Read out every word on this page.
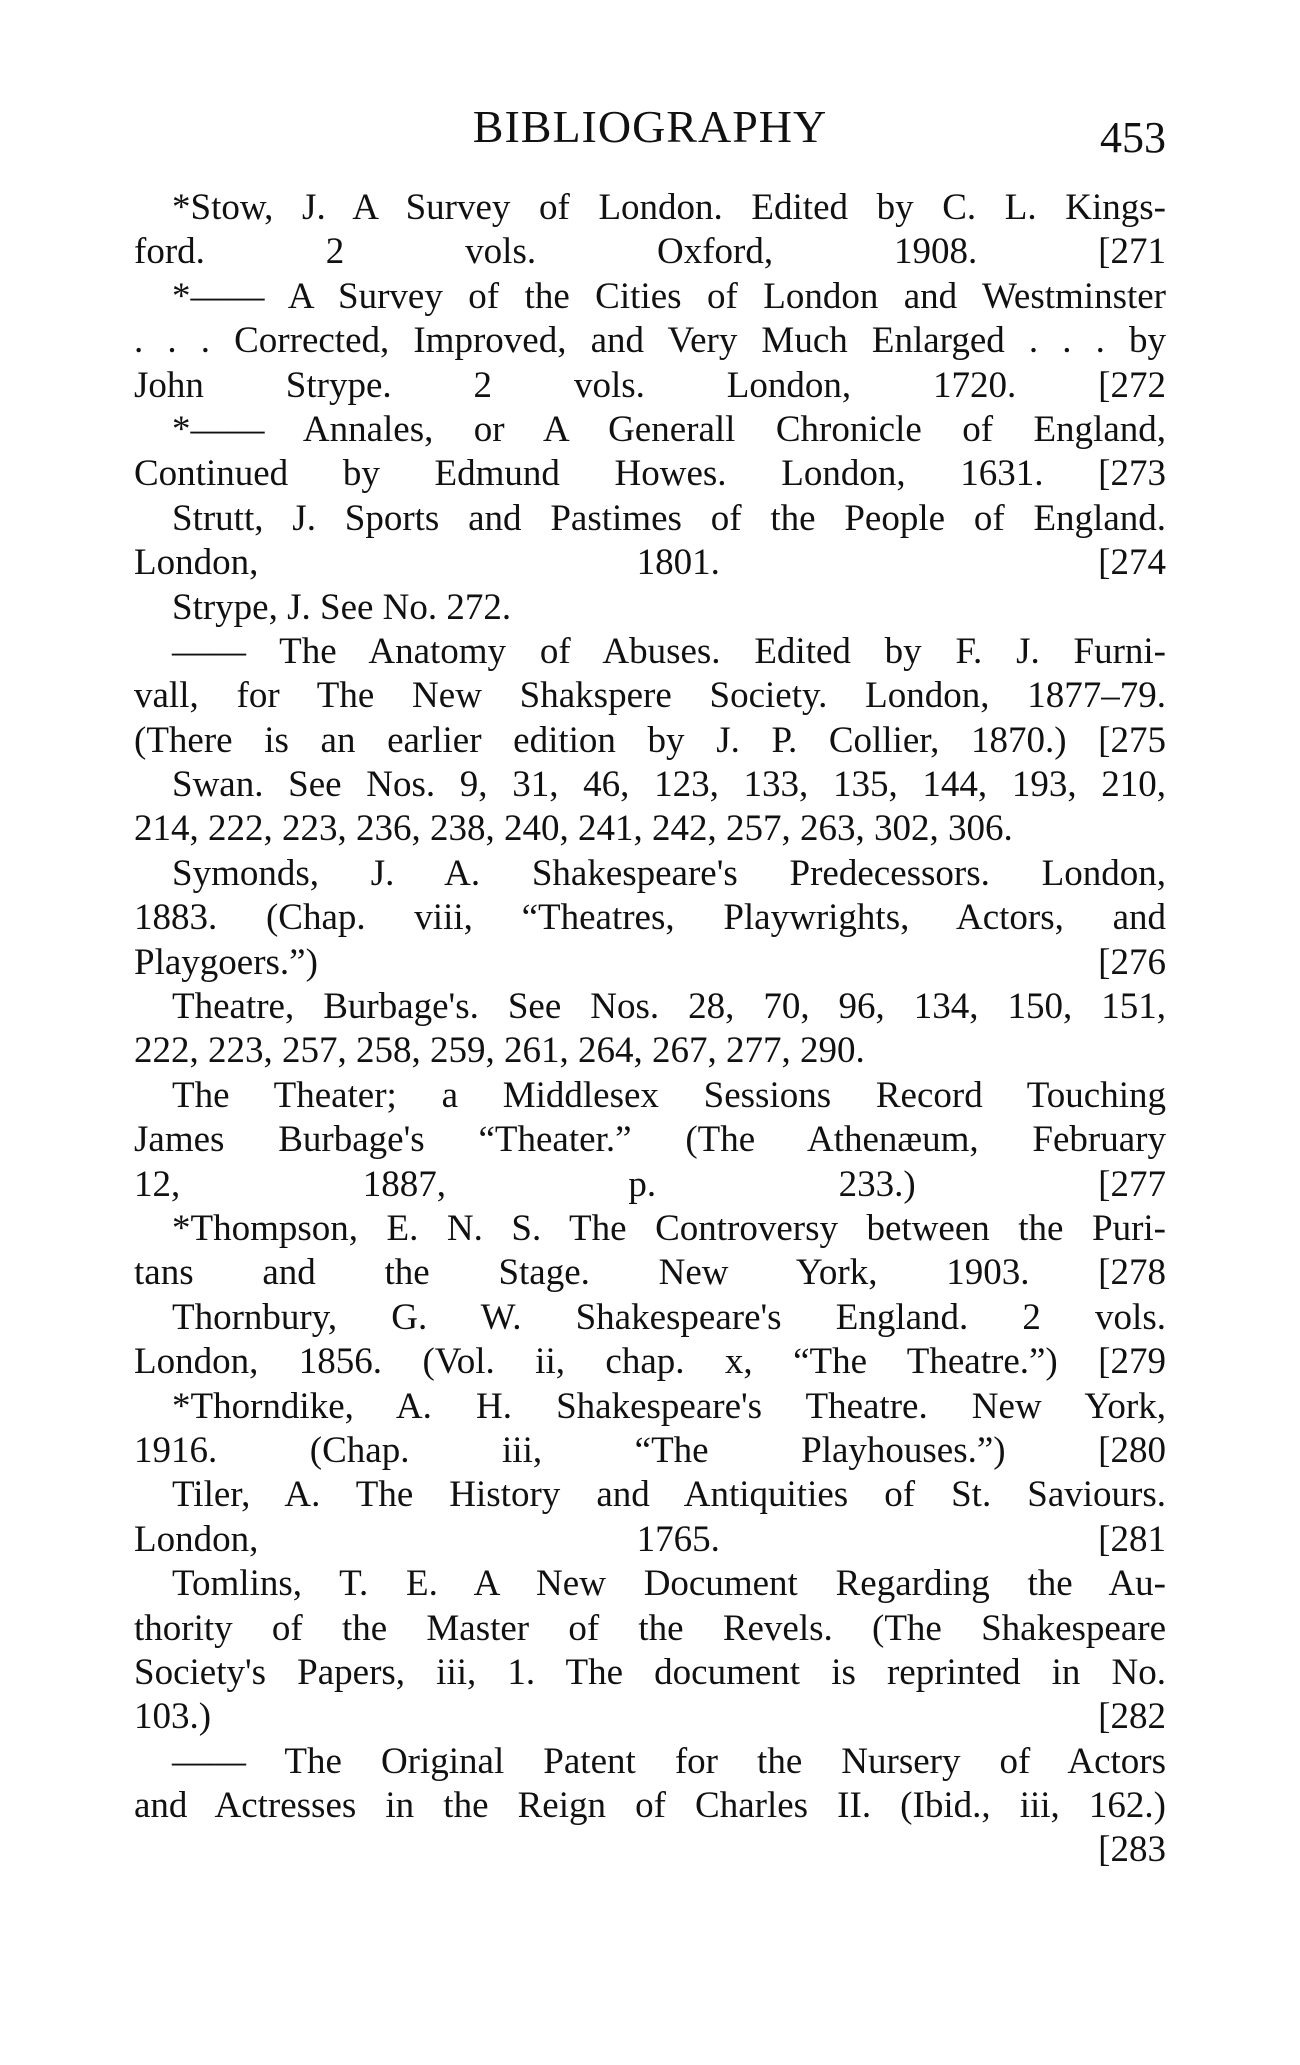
BIBLIOGRAPHY	453
*Stow, J. A Survey of London. Edited by C. L. Kings-
ford. 2 vols. Oxford, 1908. [271
*—— A Survey of the Cities of London and Westminster
. . . Corrected, Improved, and Very Much Enlarged . . . by
John Strype. 2 vols. London, 1720. [272
*—— Annales, or A Generall Chronicle of England,
Continued by Edmund Howes. London, 1631. [273
Strutt, J. Sports and Pastimes of the People of England.
London, 1801. [274
Strype, J. See No. 272.
—— The Anatomy of Abuses. Edited by F. J. Furni-
vall, for The New Shakspere Society. London, 1877–79.
(There is an earlier edition by J. P. Collier, 1870.) [275
Swan. See Nos. 9, 31, 46, 123, 133, 135, 144, 193, 210,
214, 222, 223, 236, 238, 240, 241, 242, 257, 263, 302, 306.
Symonds, J. A. Shakespeare's Predecessors. London,
1883. (Chap. viii, “Theatres, Playwrights, Actors, and
Playgoers.”) [276
Theatre, Burbage's. See Nos. 28, 70, 96, 134, 150, 151,
222, 223, 257, 258, 259, 261, 264, 267, 277, 290.
The Theater; a Middlesex Sessions Record Touching
James Burbage's “Theater.” (The Athenæum, February
12, 1887, p. 233.) [277
*Thompson, E. N. S. The Controversy between the Puri-
tans and the Stage. New York, 1903. [278
Thornbury, G. W. Shakespeare's England. 2 vols.
London, 1856. (Vol. ii, chap. x, “The Theatre.”) [279
*Thorndike, A. H. Shakespeare's Theatre. New York,
1916. (Chap. iii, “The Playhouses.”) [280
Tiler, A. The History and Antiquities of St. Saviours.
London, 1765. [281
Tomlins, T. E. A New Document Regarding the Au-
thority of the Master of the Revels. (The Shakespeare
Society's Papers, iii, 1. The document is reprinted in No.
103.) [282
—— The Original Patent for the Nursery of Actors
and Actresses in the Reign of Charles II. (Ibid., iii, 162.)
[283
